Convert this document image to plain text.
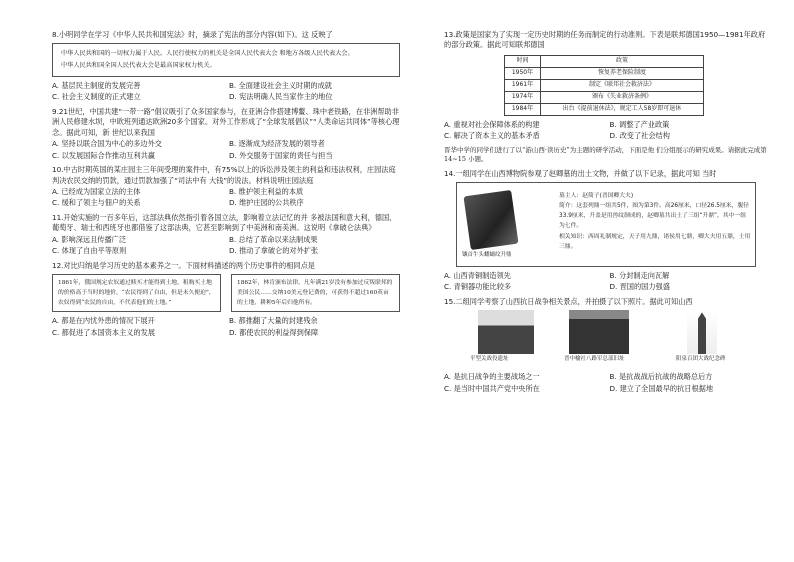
8.小明同学在学习《中华人民共和国宪法》时，摘录了宪法的部分内容(如下)。这 反映了
中华人民共和国的一切权力属于人民。人民行使权力的机关是全国人民代表大会 和地方各级人民代表大会。
中华人民共和国全国人民代表大会是最高国家权力机关。
A. 基层民主制度的发展完善	B. 全面建设社会主义时期的成就
C. 社会主义制度的正式建立	D. 宪法明确人民当家作主的地位
9.21世纪，中国共建“一带一路”倡议吸引了众多国家参与，在亚洲合作搭建博鳌、珠中老铁路，在非洲帮助非洲人民修建水坝，中欧班列通达欧洲20多个国家。对外工作形成了“全球发展倡议”“人类命运共同体”等核心理念。据此可知，新 世纪以来我国
A. 坚持以联合国为中心的多边外交	B. 逐渐成为经济发展的领导者
C. 以发展国际合作推动互利共赢	D. 外交服务于国家的责任与担当
10.中古时期英国的某庄园主三年间受理的案件中，有75%以上的诉讼涉及领主的利益和违法权利，庄园法庭判决农民交纳的罚款，通过罚款加强了“司法中有 大钱”的说法。材料说明庄园法庭
A. 已经成为国家立法的主体	B. 维护领主利益的本质
C. 缓和了领主与佃户的关系	D. 维护庄园的公共秩序
11.开始实施的一百多年后，这部法典依然指引着各国立法，影响着立法记忆的并 多被法国和意大利，德国、葡萄牙、瑞士和西班牙也都借鉴了这部法典，它甚至影响到了中美洲和南美洲。这说明《拿破仑法典》
A. 影响深远且传播广泛	B. 总结了革命以来法制成果
C. 体现了自由平等原则	D. 推动了拿破仑的对外扩张
12.对比归纳是学习历史的基本素养之一。下面材料描述的两个历史事件的相同点是
1861年，俄国规定农奴通过赎买才能得到土地，租购买土地的价格高于当时的地价，“农民得到了自由，但是未久便迫”，农奴得到“农民的自由，不代表他们的土地。”
1862年，林肯颁布法律，凡年满21岁没有参加过反叛联邦的美国公民……交纳10美元登记费的，可获得不超过160英亩的土地，耕种5年后归他所有。
A. 都是在内忧外患的情况下展开	B. 都推翻了大量的封建残余
C. 都促进了本国资本主义的发展	D. 都使农民的利益得到保障
13.政策是国家为了实现一定历史时期的任务而制定的行动准则。下表是联邦德国1950—1981年政府的部分政策。据此可知联邦德国
时间	政策
1950年	恢复养老保险制度
1961年	制定《联邦社会救济法》
1974年	颁布《失业救济条例》
1984年	出台《提前退休法》，规定工人58岁即可退休
A. 重视对社会保障体系的构建	B. 调整了产业政策
C. 解决了资本主义的基本矛盾	D. 改变了社会结构
晋华中学的同学们进行了以“游山西·读历史”为主题的研学活动，下面是他 们分组展示的研究成果。请据此完成第14~15 小题。
14.一组同学在山西博物院参观了赵卿墓的出土文物，并做了以下记录，据此可知 当时
镶首牛头蟠螭纹升鼎
墓主人：赵简子(晋国卿大夫)
简介：这套列鼎一组共5件，图为第3件。高26厘米，口径26.5厘米，腹径33.9厘米，升盖是用兽纹制成的，赵卿墓共出土了三组“升鼎”，其中一组为七件。
相关知识：西周礼制规定，天子用九鼎，诸侯用七鼎，卿大夫用五鼎，士用三鼎。
A. 山西青铜制造领先	B. 分封制走向瓦解
C. 青铜器功能比较多	D. 晋国的国力强盛
15.二组同学考察了山西抗日战争相关景点，并拍摄了以下照片。据此可知山西
平型关战役遗址	晋中榆社八路军总部旧址	阳泉百团大战纪念碑
A. 是抗日战争的主要战场之一	B. 是抗战战后抗战的战略总后方
C. 是当时中国共产党中央所在	D. 建立了全国最早的抗日根据地
